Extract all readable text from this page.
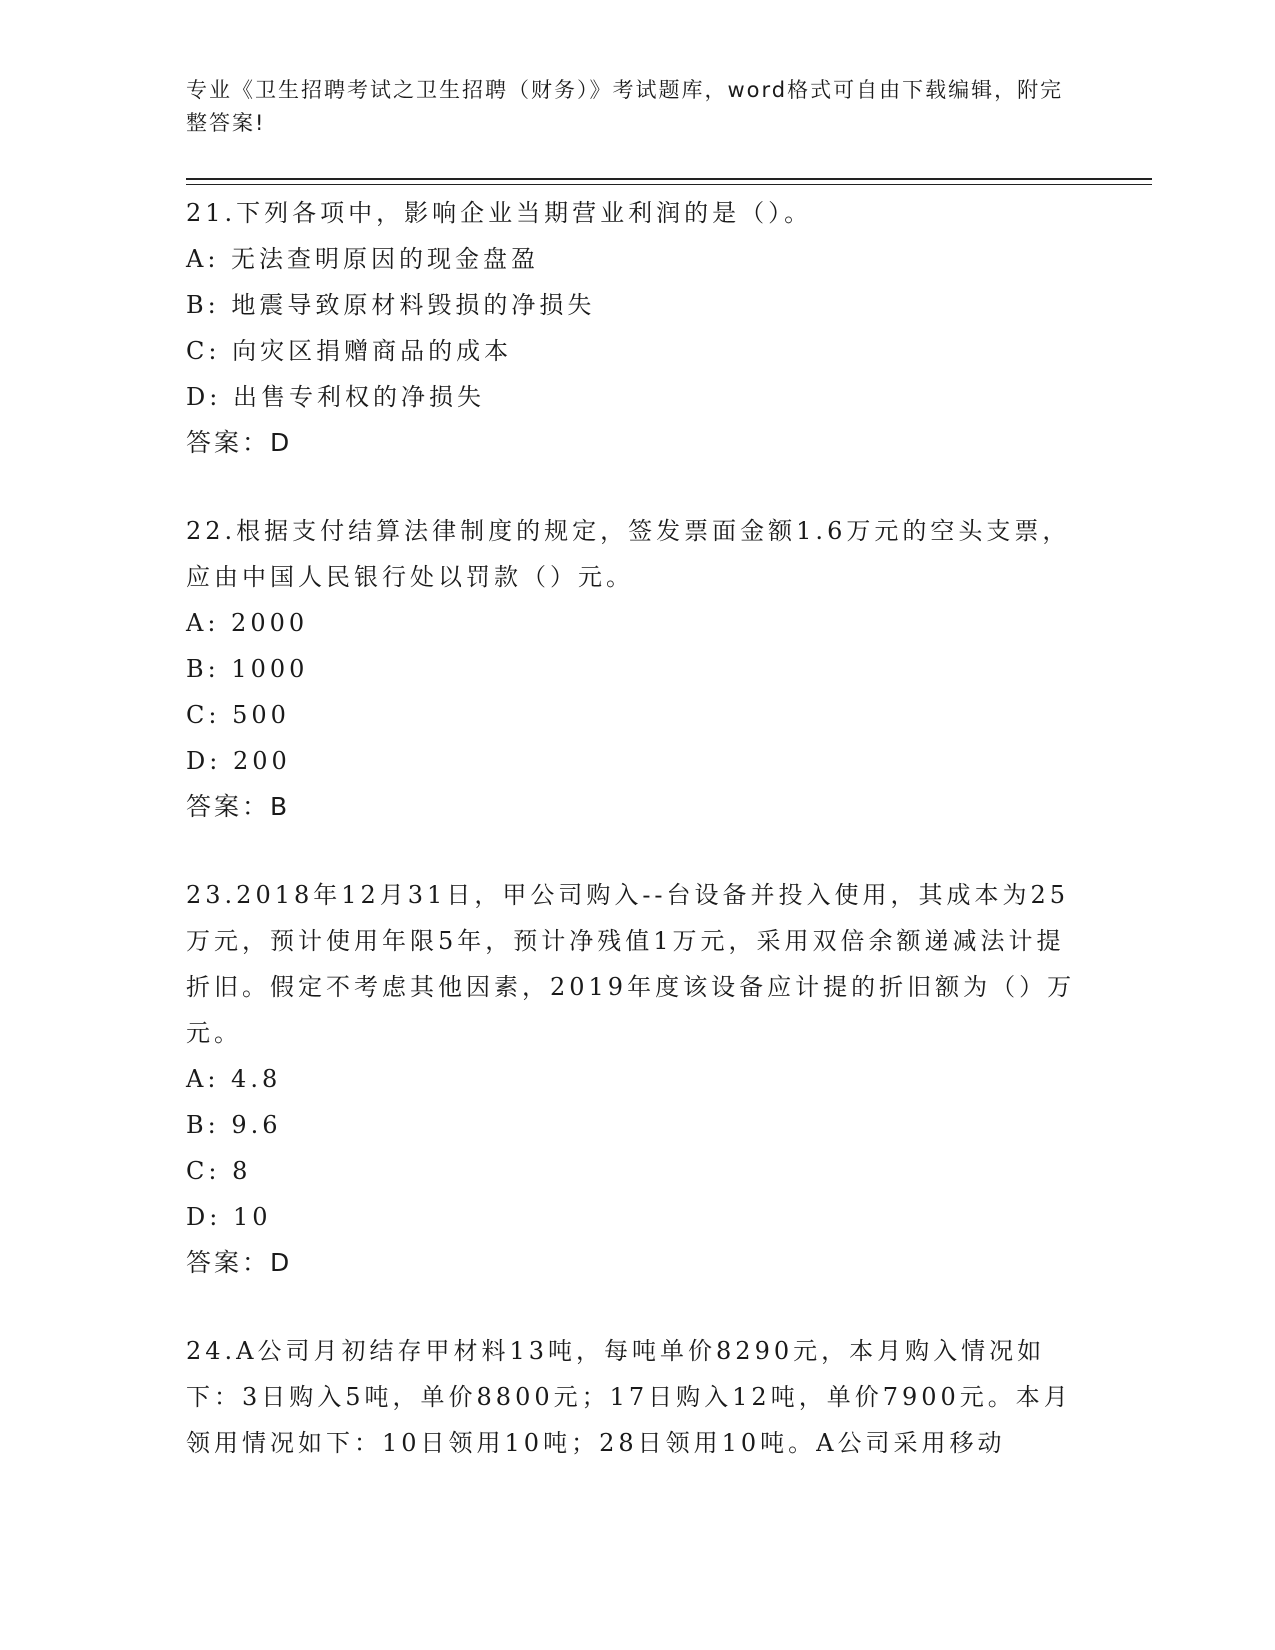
专业《卫生招聘考试之卫生招聘（财务）》考试题库，word格式可自由下载编辑，附完整答案!
21.下列各项中，影响企业当期营业利润的是（）。
A: 无法查明原因的现金盘盈
B: 地震导致原材料毁损的净损失
C: 向灾区捐赠商品的成本
D: 出售专利权的净损失
答案：D
22.根据支付结算法律制度的规定，签发票面金额1.6万元的空头支票，应由中国人民银行处以罚款（）元。
A: 2000
B: 1000
C: 500
D: 200
答案：B
23.2018年12月31日，甲公司购入--台设备并投入使用，其成本为25万元，预计使用年限5年，预计净残值1万元，采用双倍余额递减法计提折旧。假定不考虑其他因素，2019年度该设备应计提的折旧额为（）万元。
A: 4.8
B: 9.6
C: 8
D: 10
答案：D
24.A公司月初结存甲材料13吨，每吨单价8290元，本月购入情况如下：3日购入5吨，单价8800元；17日购入12吨，单价7900元。本月领用情况如下：10日领用10吨；28日领用10吨。A公司采用移动
